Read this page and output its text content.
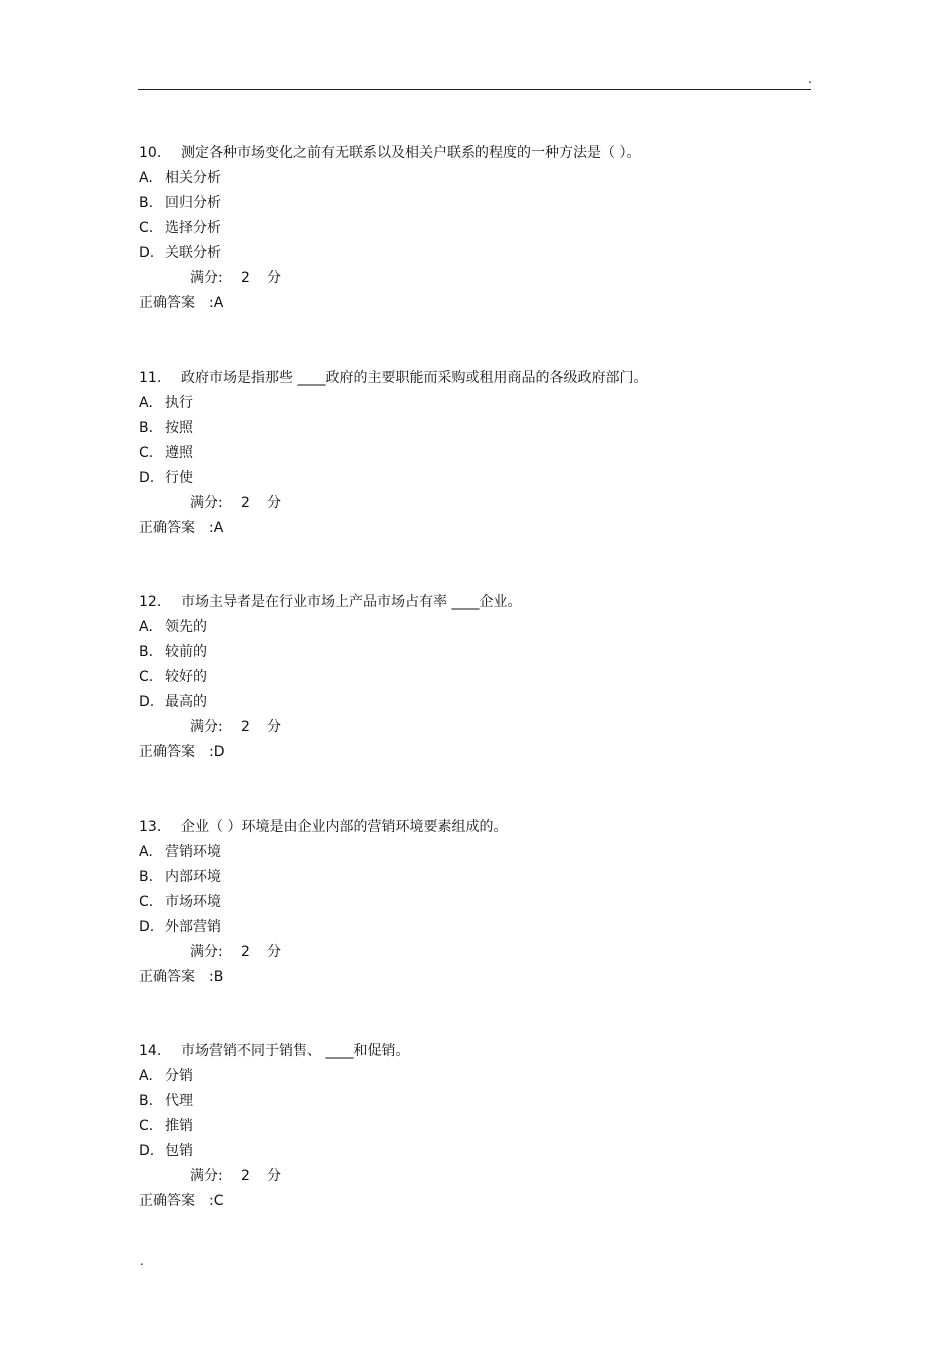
.
10. 测定各种市场变化之前有无联系以及相关户联系的程度的一种方法是（ ）。
A. 相关分析
B. 回归分析
C. 选择分析
D. 关联分析
满分: 2 分
正确答案 :A
11. 政府市场是指那些 ____政府的主要职能而采购或租用商品的各级政府部门。
A. 执行
B. 按照
C. 遵照
D. 行使
满分: 2 分
正确答案 :A
12. 市场主导者是在行业市场上产品市场占有率 ____企业。
A. 领先的
B. 较前的
C. 较好的
D. 最高的
满分: 2 分
正确答案 :D
13. 企业（ ）环境是由企业内部的营销环境要素组成的。
A. 营销环境
B. 内部环境
C. 市场环境
D. 外部营销
满分: 2 分
正确答案 :B
14. 市场营销不同于销售、 ____和促销。
A. 分销
B. 代理
C. 推销
D. 包销
满分: 2 分
正确答案 :C
.
